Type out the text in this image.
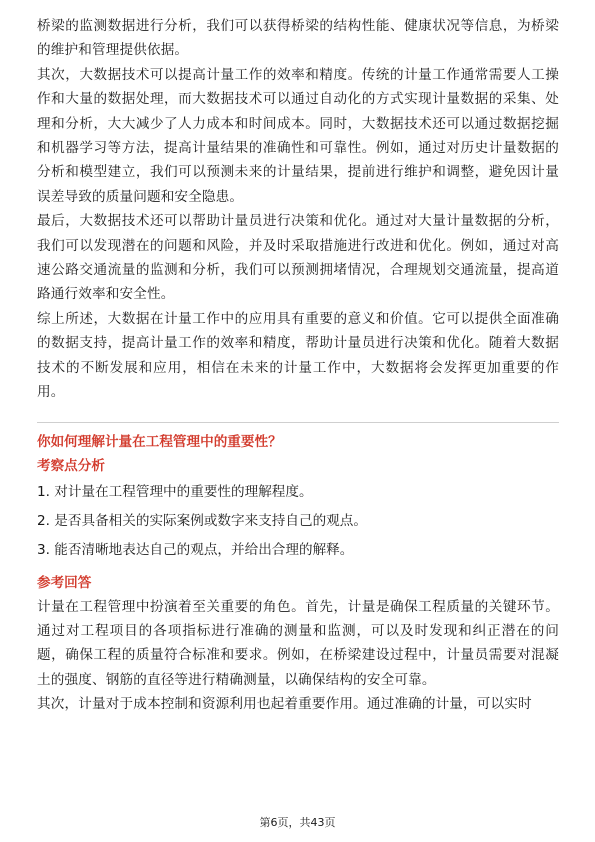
桥梁的监测数据进行分析，我们可以获得桥梁的结构性能、健康状况等信息，为桥梁的维护和管理提供依据。

其次，大数据技术可以提高计量工作的效率和精度。传统的计量工作通常需要人工操作和大量的数据处理，而大数据技术可以通过自动化的方式实现计量数据的采集、处理和分析，大大减少了人力成本和时间成本。同时，大数据技术还可以通过数据挖掘和机器学习等方法，提高计量结果的准确性和可靠性。例如，通过对历史计量数据的分析和模型建立，我们可以预测未来的计量结果，提前进行维护和调整，避免因计量误差导致的质量问题和安全隐患。

最后，大数据技术还可以帮助计量员进行决策和优化。通过对大量计量数据的分析，我们可以发现潜在的问题和风险，并及时采取措施进行改进和优化。例如，通过对高速公路交通流量的监测和分析，我们可以预测拥堵情况，合理规划交通流量，提高道路通行效率和安全性。

综上所述，大数据在计量工作中的应用具有重要的意义和价值。它可以提供全面准确的数据支持，提高计量工作的效率和精度，帮助计量员进行决策和优化。随着大数据技术的不断发展和应用，相信在未来的计量工作中，大数据将会发挥更加重要的作用。

你如何理解计量在工程管理中的重要性？

考察点分析

1. 对计量在工程管理中的重要性的理解程度。

2. 是否具备相关的实际案例或数字来支持自己的观点。

3. 能否清晰地表达自己的观点，并给出合理的解释。

参考回答

计量在工程管理中扮演着至关重要的角色。首先，计量是确保工程质量的关键环节。通过对工程项目的各项指标进行准确的测量和监测，可以及时发现和纠正潜在的问题，确保工程的质量符合标准和要求。例如，在桥梁建设过程中，计量员需要对混凝土的强度、钢筋的直径等进行精确测量，以确保结构的安全可靠。

其次，计量对于成本控制和资源利用也起着重要作用。通过准确的计量，可以实时

第6页，共43页
